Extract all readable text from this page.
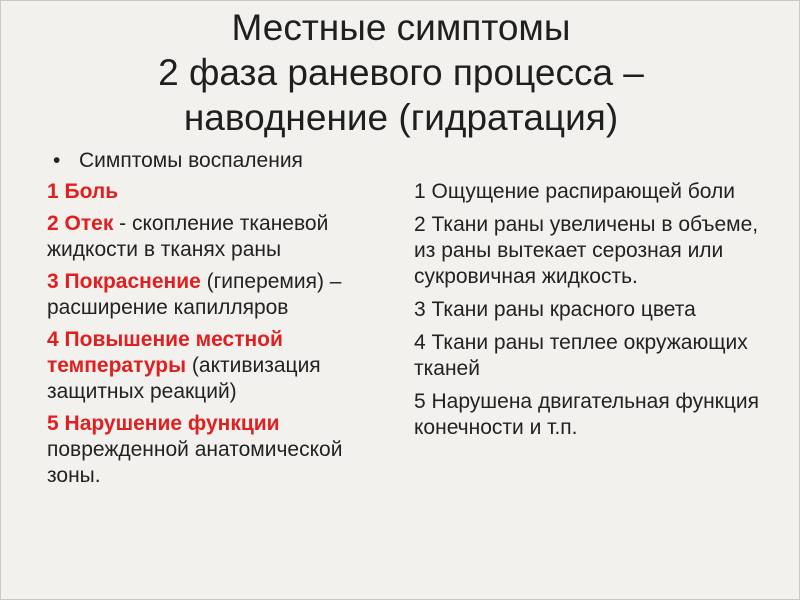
Местные симптомы
2 фаза раневого процесса –
наводнение (гидратация)
• Симптомы воспаления
1 Боль
2 Отек - скопление тканевой жидкости в тканях раны
3 Покраснение (гиперемия) – расширение капилляров
4 Повышение местной температуры (активизация защитных реакций)
5 Нарушение функции поврежденной анатомической зоны.
1 Ощущение распирающей боли
2 Ткани раны увеличены в объеме, из раны вытекает серозная или сукровичная жидкость.
3 Ткани раны красного цвета
4 Ткани раны теплее окружающих тканей
5 Нарушена двигательная функция конечности и т.п.
